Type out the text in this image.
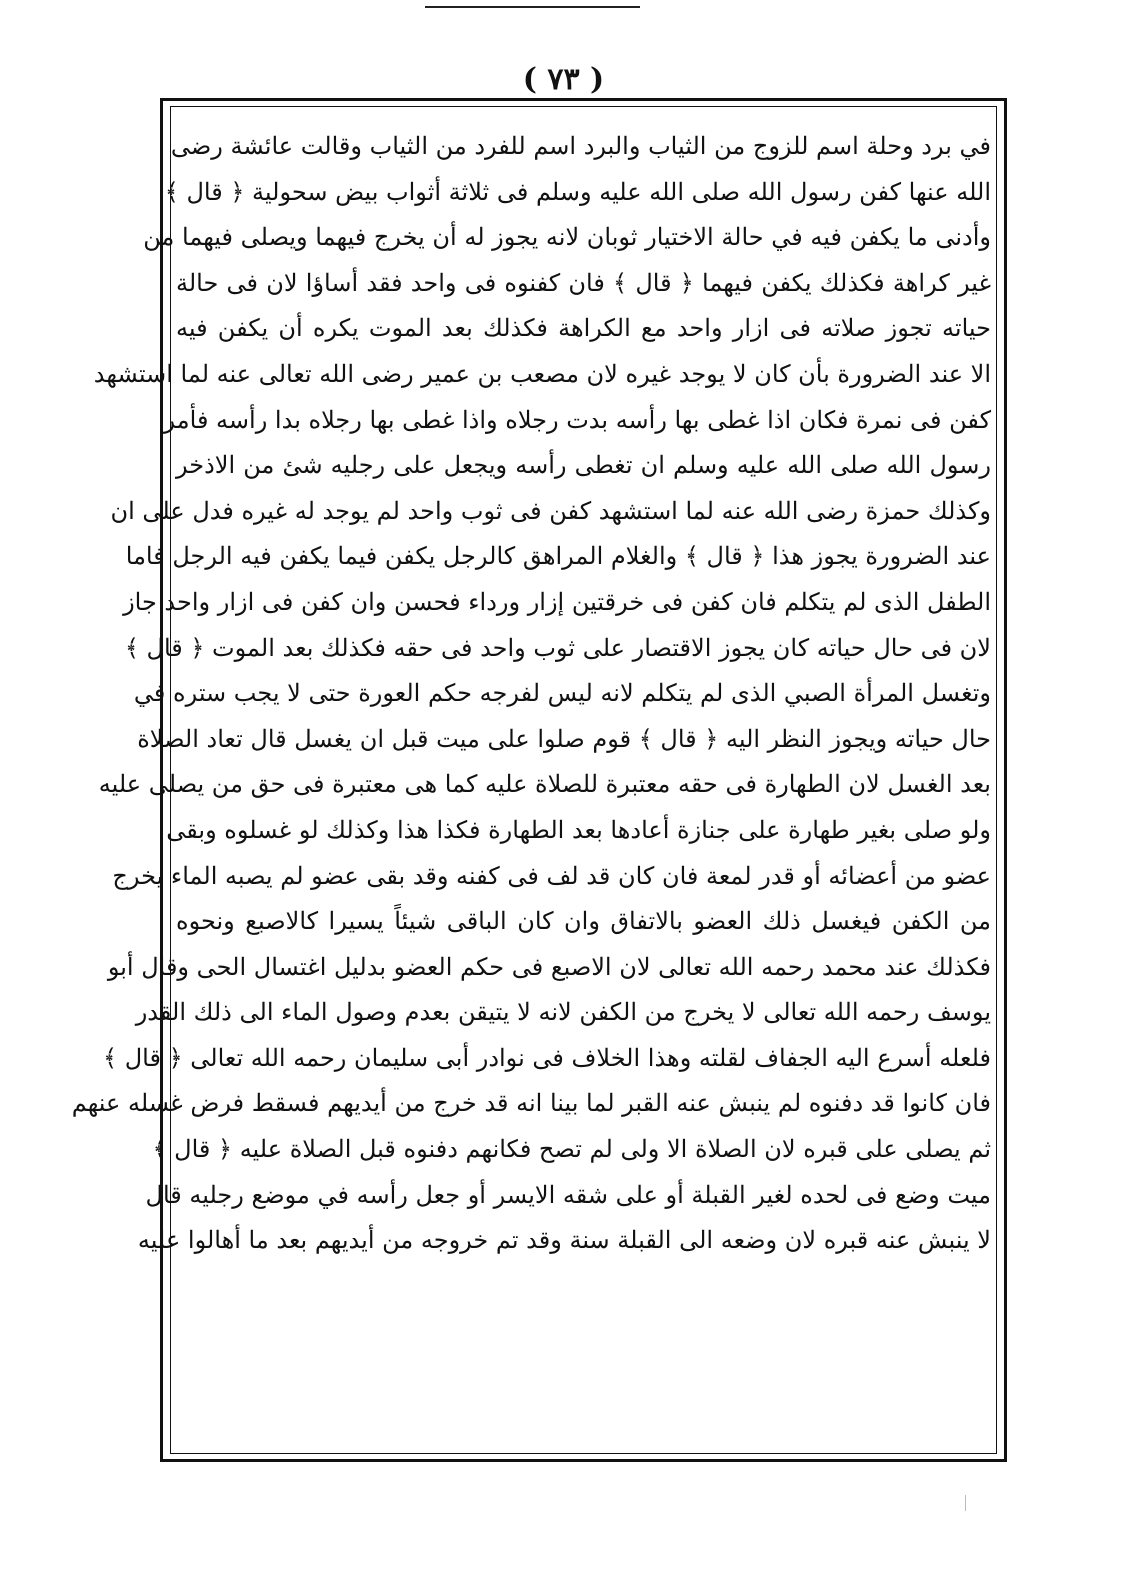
( ٧٣ )
في برد وحلة اسم للزوج من الثياب والبرد اسم للفرد من الثياب وقالت عائشة رضى
الله عنها كفن رسول الله صلى الله عليه وسلم فى ثلاثة أثواب بيض سحولية ﴿ قال ﴾
وأدنى ما يكفن فيه في حالة الاختيار ثوبان لانه يجوز له أن يخرج فيهما ويصلى فيهما من
غير كراهة فكذلك يكفن فيهما ﴿ قال ﴾ فان كفنوه فى واحد فقد أساؤا لان فى حالة
حياته تجوز صلاته فى ازار واحد مع الكراهة فكذلك بعد الموت يكره أن يكفن فيه
الا عند الضرورة بأن كان لا يوجد غيره لان مصعب بن عمير رضى الله تعالى عنه لما استشهد
كفن فى نمرة فكان اذا غطى بها رأسه بدت رجلاه واذا غطى بها رجلاه بدا رأسه فأمر
رسول الله صلى الله عليه وسلم ان تغطى رأسه ويجعل على رجليه شئ من الاذخر
وكذلك حمزة رضى الله عنه لما استشهد كفن فى ثوب واحد لم يوجد له غيره فدل على ان
عند الضرورة يجوز هذا ﴿ قال ﴾ والغلام المراهق كالرجل يكفن فيما يكفن فيه الرجل فاما
الطفل الذى لم يتكلم فان كفن فى خرقتين إزار ورداء فحسن وان كفن فى ازار واحد جاز
لان فى حال حياته كان يجوز الاقتصار على ثوب واحد فى حقه فكذلك بعد الموت ﴿ قال ﴾
وتغسل المرأة الصبي الذى لم يتكلم لانه ليس لفرجه حكم العورة حتى لا يجب ستره في
حال حياته ويجوز النظر اليه ﴿ قال ﴾ قوم صلوا على ميت قبل ان يغسل قال تعاد الصلاة
بعد الغسل لان الطهارة فى حقه معتبرة للصلاة عليه كما هى معتبرة فى حق من يصلى عليه
ولو صلى بغير طهارة على جنازة أعادها بعد الطهارة فكذا هذا وكذلك لو غسلوه وبقى
عضو من أعضائه أو قدر لمعة فان كان قد لف فى كفنه وقد بقى عضو لم يصبه الماء يخرج
من الكفن فيغسل ذلك العضو بالاتفاق وان كان الباقى شيئاً يسيرا كالاصبع ونحوه
فكذلك عند محمد رحمه الله تعالى لان الاصبع فى حكم العضو بدليل اغتسال الحى وقال أبو
يوسف رحمه الله تعالى لا يخرج من الكفن لانه لا يتيقن بعدم وصول الماء الى ذلك القدر
فلعله أسرع اليه الجفاف لقلته وهذا الخلاف فى نوادر أبى سليمان رحمه الله تعالى ﴿ قال ﴾
فان كانوا قد دفنوه لم ينبش عنه القبر لما بينا انه قد خرج من أيديهم فسقط فرض غسله عنهم
ثم يصلى على قبره لان الصلاة الا ولى لم تصح فكانهم دفنوه قبل الصلاة عليه ﴿ قال ﴾
ميت وضع فى لحده لغير القبلة أو على شقه الايسر أو جعل رأسه في موضع رجليه قال
لا ينبش عنه قبره لان وضعه الى القبلة سنة وقد تم خروجه من أيديهم بعد ما أهالوا عليه
